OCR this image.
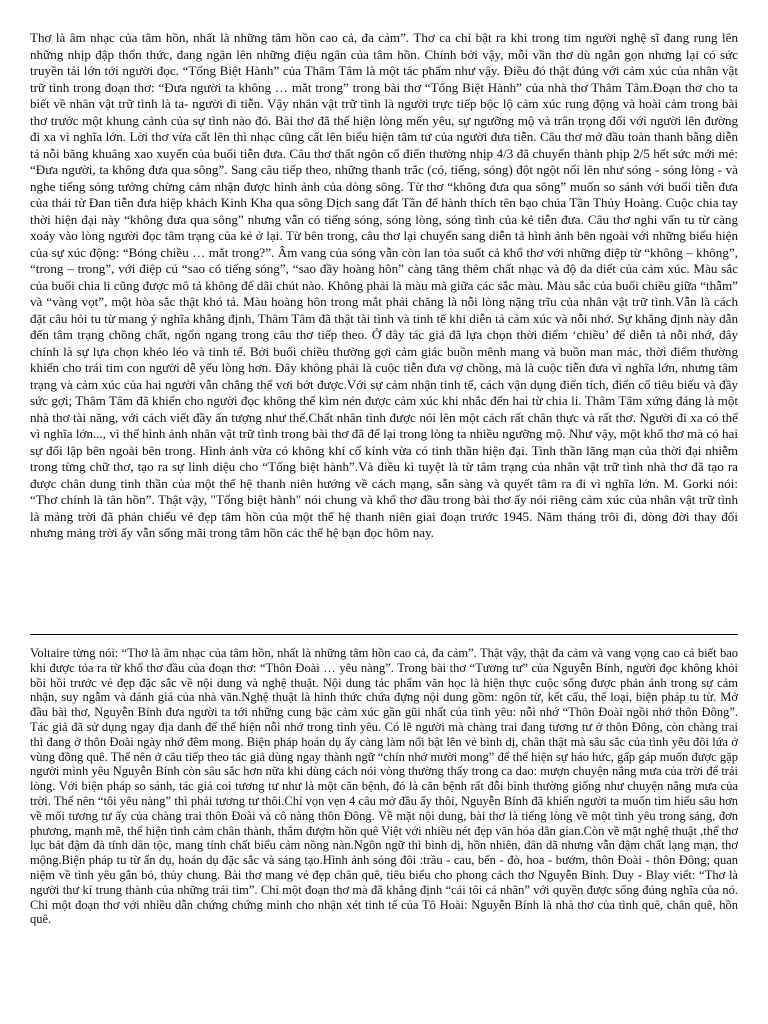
Thơ là âm nhạc của tâm hồn, nhất là những tâm hồn cao cả, đa cảm”. Thơ ca chỉ bật ra khi trong tim người nghệ sĩ đang rung lên những nhịp đập thổn thức, đang ngân lên những điệu ngân của tâm hồn. Chính bởi vậy, mỗi vần thơ dù ngắn gọn nhưng lại có sức truyền tải lớn tới người đọc. “Tống Biệt Hành” của Thâm Tâm là một tác phẩm như vậy. Điều đó thật đúng với cảm xúc của nhân vật trữ tình trong đoạn thơ: “Đưa người ta không … mắt trong” trong bài thơ “Tống Biệt Hành” của nhà thơ Thâm Tâm.Đoạn thơ cho ta biết về nhân vật trữ tình là ta- người đi tiễn. Vậy nhân vật trữ tình là người trực tiếp bộc lộ cảm xúc rung động và hoài cảm trong bài thơ trước một khung cảnh của sự tình nào đó. Bài thơ đã thể hiện lòng mến yêu, sự ngưỡng mộ và trân trọng đối với người lên đường đi xa vì nghĩa lớn. Lời thơ vừa cất lên thì nhạc cũng cất lên biểu hiện tâm tư của người đưa tiễn. Câu thơ mở đầu toàn thanh bằng diễn tả nỗi băng khuâng xao xuyến của buổi tiễn đưa. Câu thơ thất ngôn cổ điển thường nhịp 4/3 đã chuyển thành phịp 2/5 hết sức mới mẻ: “Đưa người, ta không đưa qua sông”. Sang câu tiếp theo, những thanh trắc (có, tiếng, sóng) đột ngột nổi lên như sóng - sóng lòng - và nghe tiếng sóng tưởng chừng cảm nhận được hình ảnh của dòng sông. Từ thơ “không đưa qua sông” muốn so sánh với buổi tiễn đưa của thái tử Đan tiễn đưa hiệp khách Kinh Kha qua sông Dịch sang đất Tần để hành thích tên bạo chúa Tần Thủy Hoàng. Cuộc chia tay thời hiện đại này “không đưa qua sông” nhưng vẫn có tiếng sóng, sóng lòng, sóng tình của kẻ tiễn đưa. Câu thơ nghi vấn tu từ càng xoáy vào lòng người đọc tâm trạng của kẻ ở lại. Từ bên trong, câu thơ lại chuyển sang diễn tả hình ảnh bên ngoài với những biểu hiện của sự xúc động: “Bóng chiều … mắt trong?”. Âm vang của sóng vẫn còn lan tỏa suốt cả khổ thơ với những điệp từ “không – không”, “trong – trong”, với điệp cú “sao có tiếng sóng”, “sao đầy hoàng hôn” càng tăng thêm chất nhạc và độ da diết của cảm xúc. Màu sắc của buổi chia li cũng được mô tả không để dãi chút nào. Không phải là màu mà giữa các sắc màu. Màu sắc của buổi chiều giữa “thẫm” và “vàng vọt”, một hòa sắc thật khó tả. Màu hoàng hôn trong mắt phải chăng là nỗi lòng nặng trĩu của nhân vật trữ tình.Vẫn là cách đặt câu hỏi tu từ mang ý nghĩa khẳng định, Thâm Tâm đã thật tài tình và tinh tế khi diễn tả cảm xúc và nỗi nhớ. Sự khẳng định này dẫn đến tâm trạng chồng chất, ngổn ngang trong câu thơ tiếp theo. Ở đây tác giả đã lựa chọn thời điểm ‘chiều’ để diễn tả nỗi nhớ, đây chính là sự lựa chọn khéo léo và tinh tế. Bởi buổi chiều thường gợi cảm giác buồn mênh mang và buồn man mác, thời điểm thường khiến cho trái tim con người dễ yếu lòng hơn. Đây không phải là cuộc tiễn đưa vợ chồng, mà là cuộc tiễn đưa vì nghĩa lớn, nhưng tâm trạng và cảm xúc của hai người vẫn chẳng thể vơi bớt được.Với sự cảm nhận tinh tế, cách vận dụng điển tích, điển cố tiêu biểu và đầy sức gợi; Thâm Tâm đã khiến cho người đọc không thể kìm nén được cảm xúc khi nhắc đến hai từ chia li. Thâm Tâm xứng đáng là một nhà thơ tài năng, với cách viết đầy ấn tượng như thế.Chất nhân tình được nói lên một cách rất chân thực và rất thơ. Người đi xa có thể vì nghĩa lớn..., vì thế hình ảnh nhân vật trữ tình trong bài thơ đã để lại trong lòng ta nhiều ngưỡng mộ. Như vậy, một khổ thơ mà có hai sự đối lập bên ngoài bên trong. Hình ảnh vừa có không khí cổ kính vừa có tinh thần hiện đại. Tinh thần lãng mạn của thời đại nhiễm trong từng chữ thơ, tạo ra sự linh diệu cho “Tống biệt hành”.Và điều kì tuyệt là từ tâm trạng của nhân vật trữ tình nhà thơ đã tạo ra được chân dung tinh thần của một thế hệ thanh niên hướng về cách mạng, sẵn sàng và quyết tâm ra đi vì nghĩa lớn. M. Gorki nói: “Thơ chính là tân hồn”. Thật vậy, "Tống biệt hành" nói chung và khổ thơ đầu trong bài thơ ấy nói riêng cảm xúc của nhân vật trữ tình là mảng trời đã phản chiếu vẻ đẹp tâm hồn của một thế hệ thanh niên giai đoạn trước 1945. Năm tháng trôi đi, dòng đời thay đổi nhưng mảng trời ấy vẫn sống mãi trong tâm hồn các thế hệ bạn đọc hôm nay.

Voltaire từng nói: “Thơ là âm nhạc của tâm hồn, nhất là những tâm hồn cao cả, đa cảm”. Thật vậy, thật đa cảm và vang vọng cao cả biết bao khi được tỏa ra từ khổ thơ đầu của đoạn thơ: “Thôn Đoài … yêu nàng”. Trong bài thơ “Tương tư” của Nguyễn Bính, người đọc không khỏi bồi hồi trước vẻ đẹp đặc sắc về nội dung và nghệ thuật. Nội dung tác phẩm văn học là hiện thực cuộc sống được phản ánh trong sự cảm nhận, suy ngẫm và đánh giá của nhà văn.Nghệ thuật là hình thức chứa đựng nội dung gồm: ngôn từ, kết cấu, thể loại, biện pháp tu từ. Mở đầu bài thơ, Nguyễn Bính đưa người ta tới những cung bậc cảm xúc gần gũi nhất của tình yêu: nỗi nhớ “Thôn Đoài ngồi nhớ thôn Đông”. Tác giả đã sử dụng ngay địa danh để thể hiện nỗi nhớ trong tình yêu. Có lẽ người mà chàng trai đang tương tư ở thôn Đông, còn chàng trai thì đang ở thôn Đoài ngày nhớ đêm mong. Biện pháp hoán dụ ấy càng làm nổi bật lên vẻ bình dị, chân thật mà sâu sắc của tình yêu đôi lứa ở vùng đồng quê. Thế nên ở câu tiếp theo tác giả dùng ngay thành ngữ “chín nhớ mười mong” để thể hiện sự háo hức, gấp gáp muốn được gặp người mình yêu Nguyễn Bính còn sâu sắc hơn nữa khi dùng cách nói vòng thường thấy trong ca dao: mượn chuyện nắng mưa của trời để trải lòng. Với biện pháp so sánh, tác giả coi tương tư như là một căn bệnh, đó là căn bệnh rất đỗi bình thường giống như chuyện nắng mưa của trời. Thế nên “tôi yêu nàng” thì phải tương tư thôi.Chỉ vọn vẹn 4 câu mở đầu ấy thôi, Nguyễn Bính đã khiến người ta muốn tìm hiểu sâu hơn về mối tương tư ấy của chàng trai thôn Đoài và cô nàng thôn Đông. Về mặt nội dung, bài thơ là tiếng lòng về một tình yêu trong sáng, đơn phương, mạnh mẽ, thể hiện tình cảm chân thành, thắm đượm hồn quê Việt với nhiều nét đẹp văn hóa dân gian.Còn về mặt nghệ thuật ,thể thơ lục bát đậm đà tính dân tộc, mang tính chất biểu cảm nồng nàn.Ngôn ngữ thì bình dị, hồn nhiên, dân dã nhưng vẫn đậm chất lạng mạn, thơ mộng.Biện pháp tu từ ẩn dụ, hoán dụ đặc sắc và sáng tạo.Hình ảnh sóng đôi :trầu - cau, bến - đò, hoa - bướm, thôn Đoài - thôn Đông; quan niệm về tình yêu gắn bó, thủy chung. Bài thơ mang vẻ đẹp chân quê, tiêu biểu cho phong cách thơ Nguyễn Bính. Duy - Blay viết: “Thơ là người thư kí trung thành của những trái tim”. Chỉ một đoạn thơ mà đã khẳng định “cái tôi cá nhân” với quyền được sống đúng nghĩa của nó. Chỉ một đoạn thơ với nhiều dẫn chứng chứng minh cho nhận xét tinh tế của Tô Hoài: Nguyễn Bính là nhà thơ của tình quê, chân quê, hồn quê.
